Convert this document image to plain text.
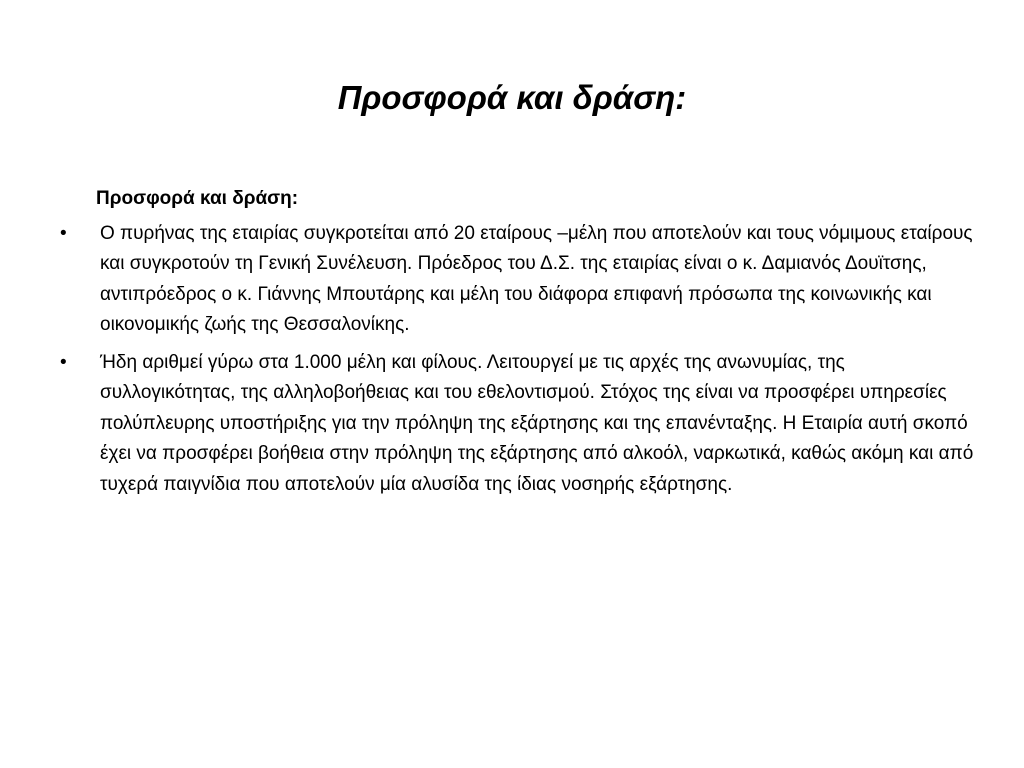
Προσφορά και δράση:
Προσφορά και δράση:
•	Ο πυρήνας της εταιρίας συγκροτείται από 20 εταίρους –μέλη που αποτελούν και τους νόμιμους εταίρους και συγκροτούν τη Γενική Συνέλευση. Πρόεδρος του Δ.Σ. της εταιρίας είναι ο κ. Δαμιανός Δουϊτσης, αντιπρόεδρος ο κ. Γιάννης Μπουτάρης και μέλη του διάφορα επιφανή πρόσωπα της κοινωνικής και οικονομικής ζωής της Θεσσαλονίκης.
•	Ήδη αριθμεί γύρω στα 1.000 μέλη και φίλους. Λειτουργεί με τις αρχές της ανωνυμίας, της συλλογικότητας, της αλληλοβοήθειας και του εθελοντισμού. Στόχος της είναι να προσφέρει υπηρεσίες πολύπλευρης υποστήριξης για την πρόληψη της εξάρτησης και της επανένταξης. Η Εταιρία αυτή σκοπό έχει να προσφέρει βοήθεια στην πρόληψη της εξάρτησης από αλκοόλ, ναρκωτικά, καθώς ακόμη και από τυχερά παιγνίδια που αποτελούν μία αλυσίδα της ίδιας νοσηρής εξάρτησης.
